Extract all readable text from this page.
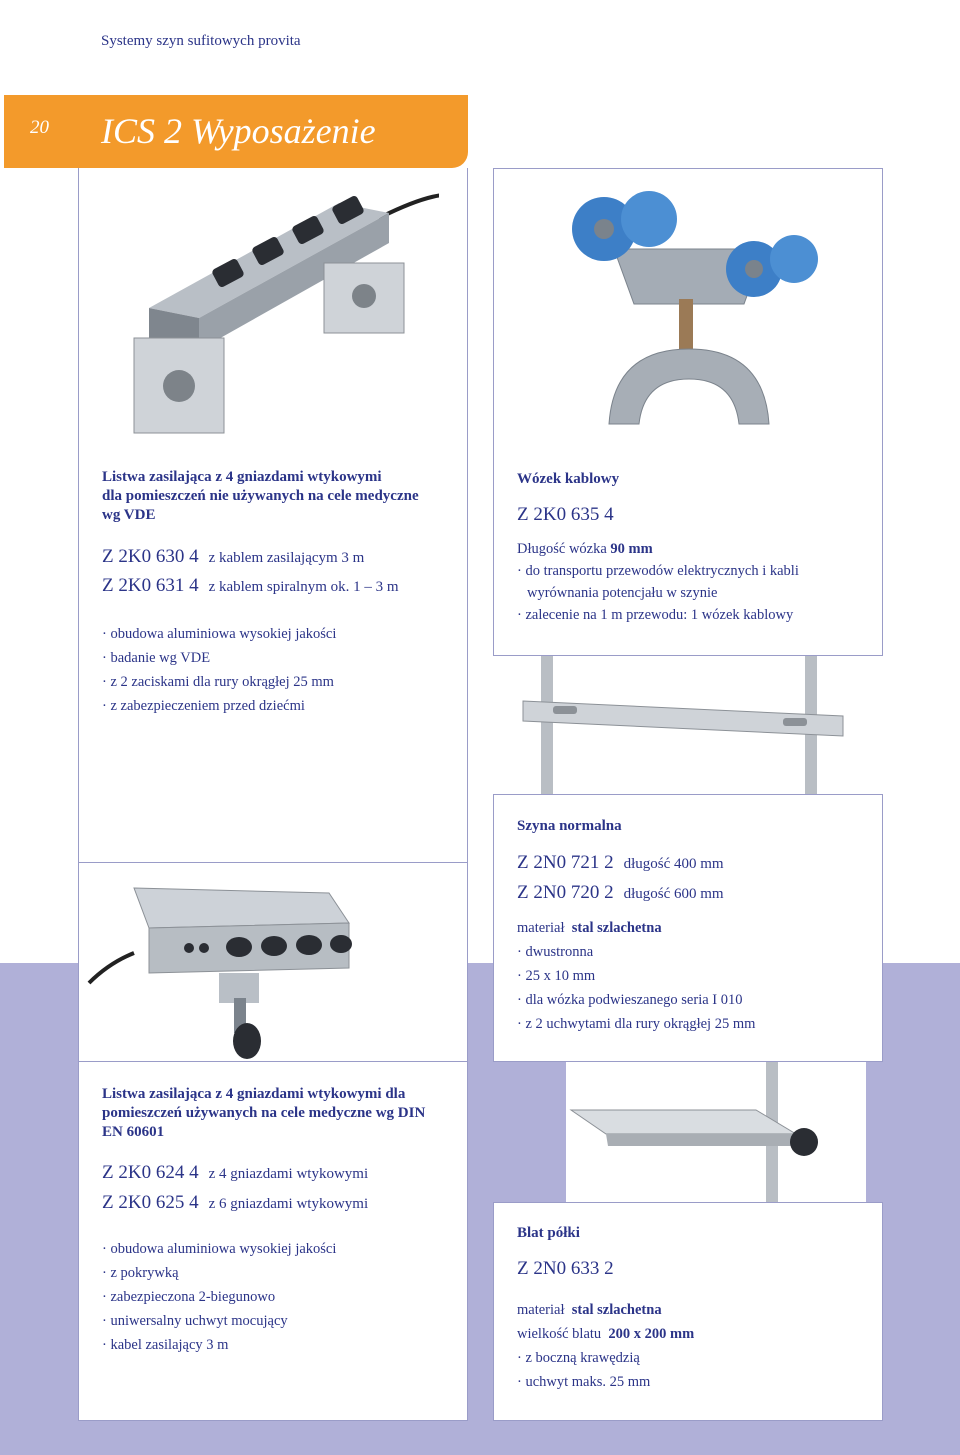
Systemy szyn sufitowych provita
20 ICS 2 Wyposażenie
Listwa zasilająca z 4 gniazdami wtykowymi
dla pomieszczeń nie używanych na cele medyczne
wg VDE
Z 2K0 630 4 z kablem zasilającym 3 m
Z 2K0 631 4 z kablem spiralnym ok. 1 – 3 m
· obudowa aluminiowa wysokiej jakości
· badanie wg VDE
· z 2 zaciskami dla rury okrągłej 25 mm
· z zabezpieczeniem przed dziećmi
Wózek kablowy
Z 2K0 635 4
Długość wózka 90 mm
· do transportu przewodów elektrycznych i kabli
wyrównania potencjału w szynie
· zalecenie na 1 m przewodu: 1 wózek kablowy
Szyna normalna
Z 2N0 721 2 długość 400 mm
Z 2N0 720 2 długość 600 mm
materiał stal szlachetna
· dwustronna
· 25 x 10 mm
· dla wózka podwieszanego seria I 010
· z 2 uchwytami dla rury okrągłej 25 mm
Listwa zasilająca z 4 gniazdami wtykowymi dla
pomieszczeń używanych na cele medyczne wg DIN
EN 60601
Z 2K0 624 4 z 4 gniazdami wtykowymi
Z 2K0 625 4 z 6 gniazdami wtykowymi
· obudowa aluminiowa wysokiej jakości
· z pokrywką
· zabezpieczona 2-biegunowo
· uniwersalny uchwyt mocujący
· kabel zasilający 3 m
Blat półki
Z 2N0 633 2
materiał stal szlachetna
wielkość blatu 200 x 200 mm
· z boczną krawędzią
· uchwyt maks. 25 mm
